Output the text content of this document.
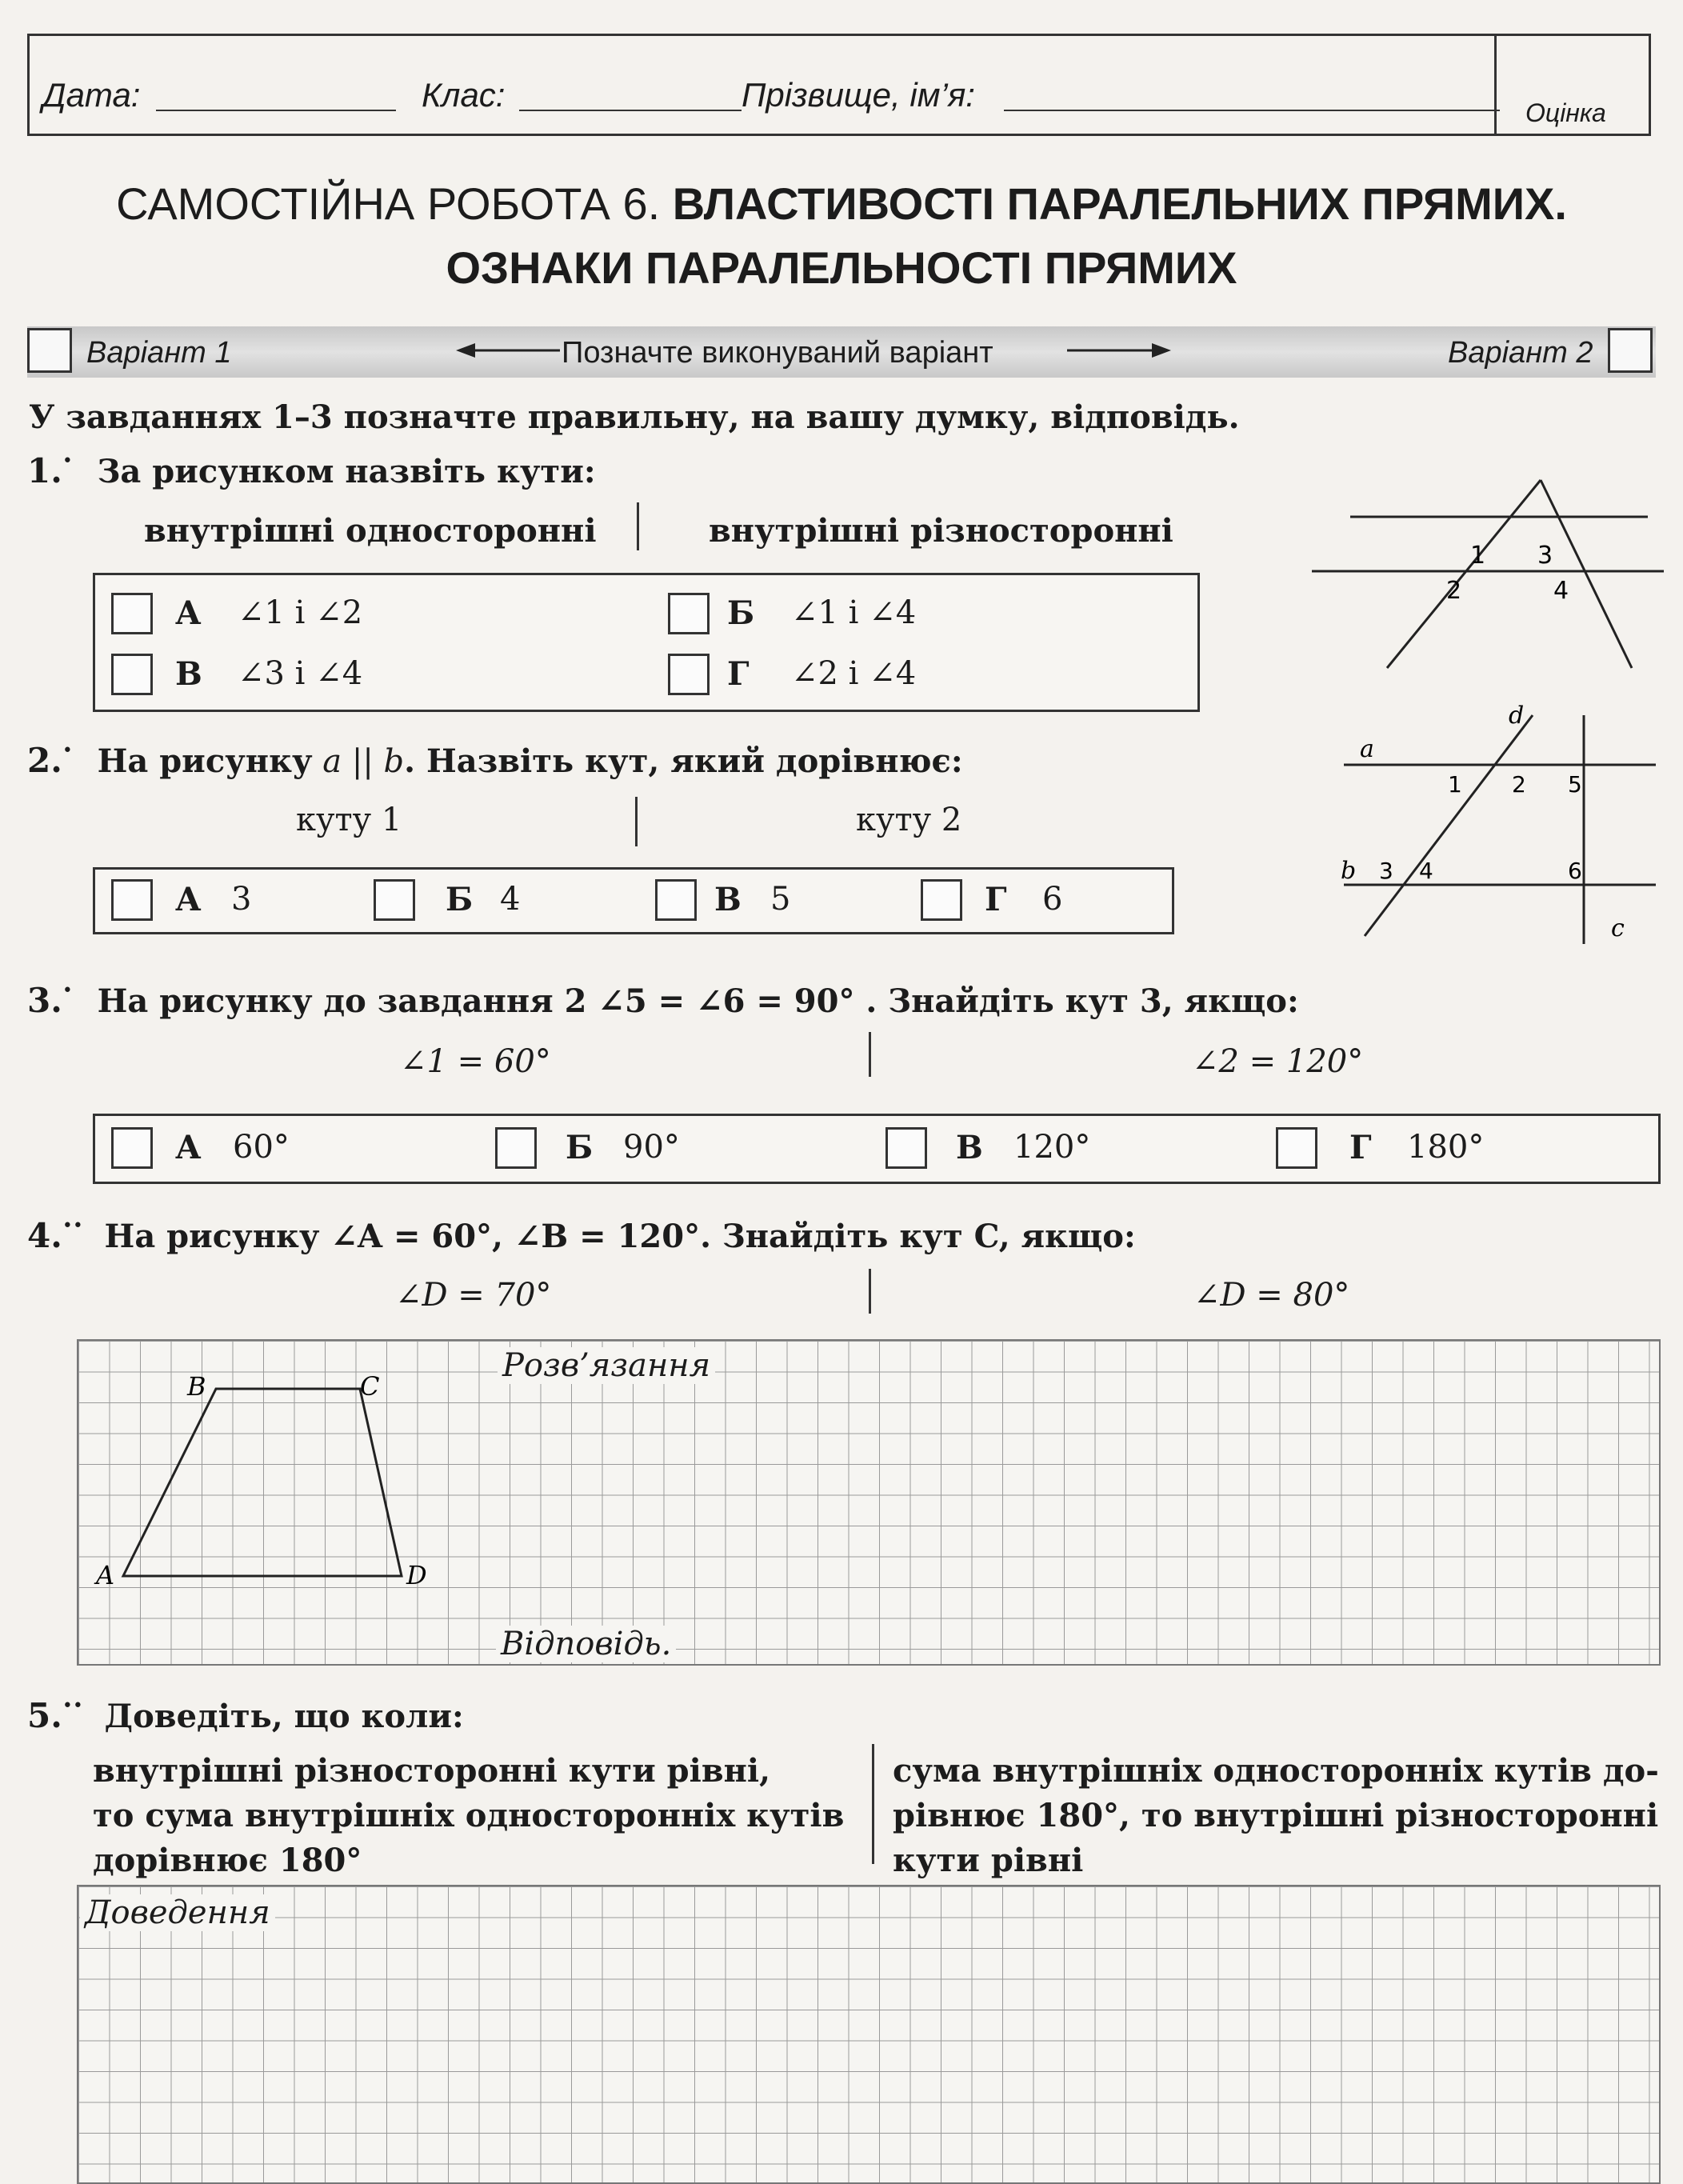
Дата:	Клас:	Прізвище, ім’я:	Оцінка
САМОСТІЙНА РОБОТА 6. ВЛАСТИВОСТІ ПАРАЛЕЛЬНИХ ПРЯМИХ.
ОЗНАКИ ПАРАЛЕЛЬНОСТІ ПРЯМИХ
Варіант 1	Позначте виконуваний варіант	Варіант 2
У завданнях 1–3 позначте правильну, на вашу думку, відповідь.
1.• За рисунком назвіть кути:
внутрішні односторонні	внутрішні різносторонні
А ∠1 і ∠2	Б ∠1 і ∠4
В ∠3 і ∠4	Г ∠2 і ∠4
1
2
3
4
2.• На рисунку a || b. Назвіть кут, який дорівнює:
куту 1	куту 2
А 3	Б 4	В 5	Г 6
a
b
c
d
1 2
3 4
5
6
3.• На рисунку до завдання 2 ∠5 = ∠6 = 90° . Знайдіть кут 3, якщо:
∠1 = 60°	∠2 = 120°
А 60°	Б 90°	В 120°	Г 180°
4.•• На рисунку ∠A = 60°, ∠B = 120°. Знайдіть кут C, якщо:
∠D = 70°	∠D = 80°
Розв’язання
Відповідь.
A
B	C
D
5.•• Доведіть, що коли:
внутрішні різносторонні кути рівні,
то сума внутрішніх односторонніх кутів
дорівнює 180°
сума внутрішніх односторонніх кутів до-
рівнює 180°, то внутрішні різносторонні
кути рівні
Доведення
